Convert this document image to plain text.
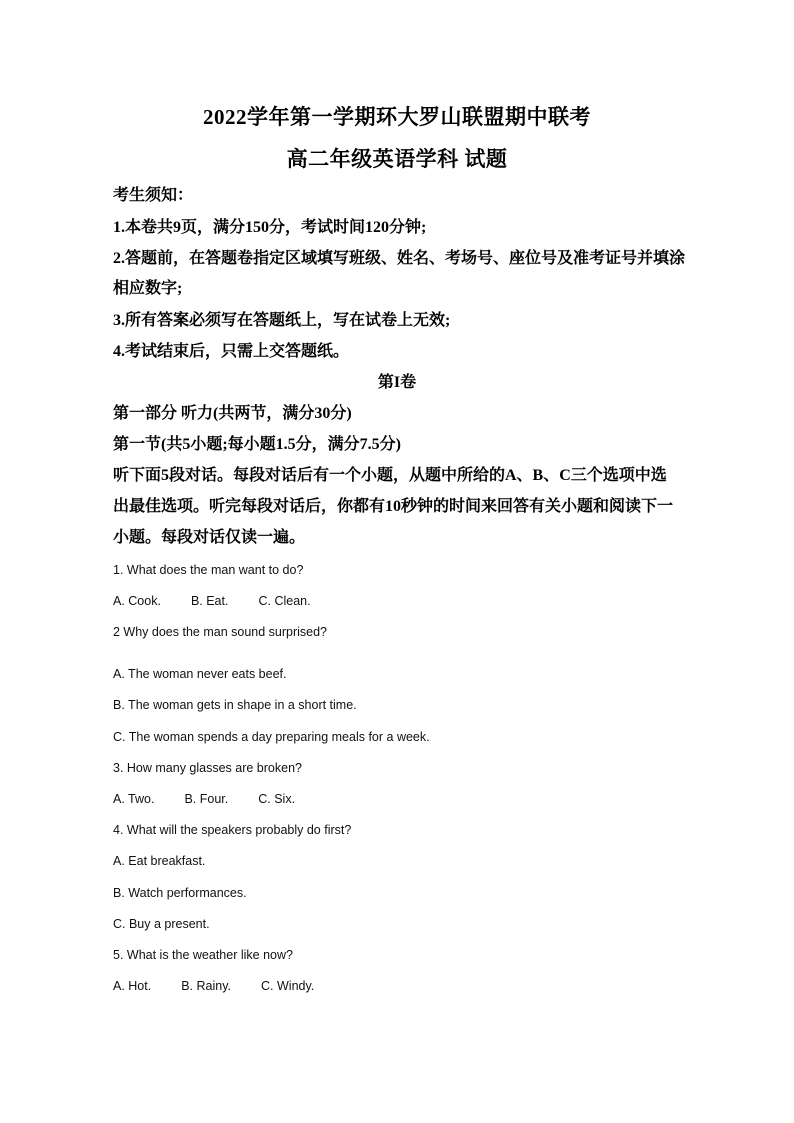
2022学年第一学期环大罗山联盟期中联考
高二年级英语学科 试题
考生须知：
1.本卷共9页，满分150分，考试时间120分钟;
2.答题前，在答题卷指定区域填写班级、姓名、考场号、座位号及准考证号并填涂
相应数字;
3.所有答案必须写在答题纸上，写在试卷上无效;
4.考试结束后，只需上交答题纸。
第I卷
第一部分 听力(共两节，满分30分)
第一节(共5小题;每小题1.5分，满分7.5分)
听下面5段对话。每段对话后有一个小题，从题中所给的A、B、C三个选项中选
出最佳选项。听完每段对话后，你都有10秒钟的时间来回答有关小题和阅读下一
小题。每段对话仅读一遍。
1. What does the man want to do?
A. Cook. B. Eat. C. Clean.
2 Why does the man sound surprised?
A. The woman never eats beef.
B. The woman gets in shape in a short time.
C. The woman spends a day preparing meals for a week.
3. How many glasses are broken?
A. Two. B. Four. C. Six.
4. What will the speakers probably do first?
A. Eat breakfast.
B. Watch performances.
C. Buy a present.
5. What is the weather like now?
A. Hot. B. Rainy. C. Windy.
